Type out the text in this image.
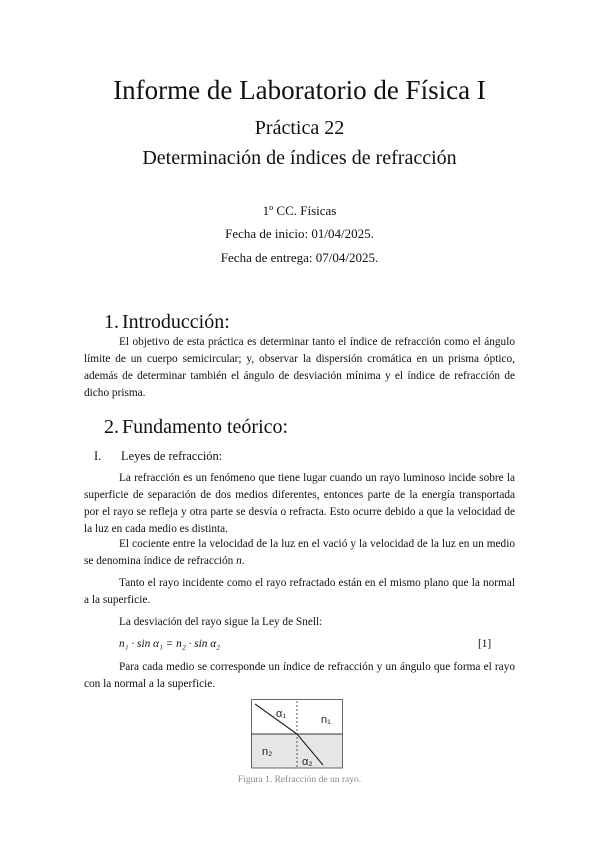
Informe de Laboratorio de Física I
Práctica 22
Determinación de índices de refracción
1º CC. Físicas
Fecha de inicio: 01/04/2025.
Fecha de entrega: 07/04/2025.
1. Introducción:
El objetivo de esta práctica es determinar tanto el índice de refracción como el ángulo límite de un cuerpo semicircular; y, observar la dispersión cromática en un prisma óptico, además de determinar también el ángulo de desviación mínima y el índice de refracción de dicho prisma.
2. Fundamento teórico:
I. Leyes de refracción:
La refracción es un fenómeno que tiene lugar cuando un rayo luminoso incide sobre la superficie de separación de dos medios diferentes, entonces parte de la energía transportada por el rayo se refleja y otra parte se desvía o refracta. Esto ocurre debido a que la velocidad de la luz en cada medio es distinta.
El cociente entre la velocidad de la luz en el vació y la velocidad de la luz en un medio se denomina índice de refracción n.
Tanto el rayo incidente como el rayo refractado están en el mismo plano que la normal a la superficie.
La desviación del rayo sigue la Ley de Snell:
n₁ · sin α₁ = n₂ · sin α₂	[1]
Para cada medio se corresponde un índice de refracción y un ángulo que forma el rayo con la normal a la superficie.
α₁	n₁
n₂
α₂
Figura 1. Refracción de un rayo.
